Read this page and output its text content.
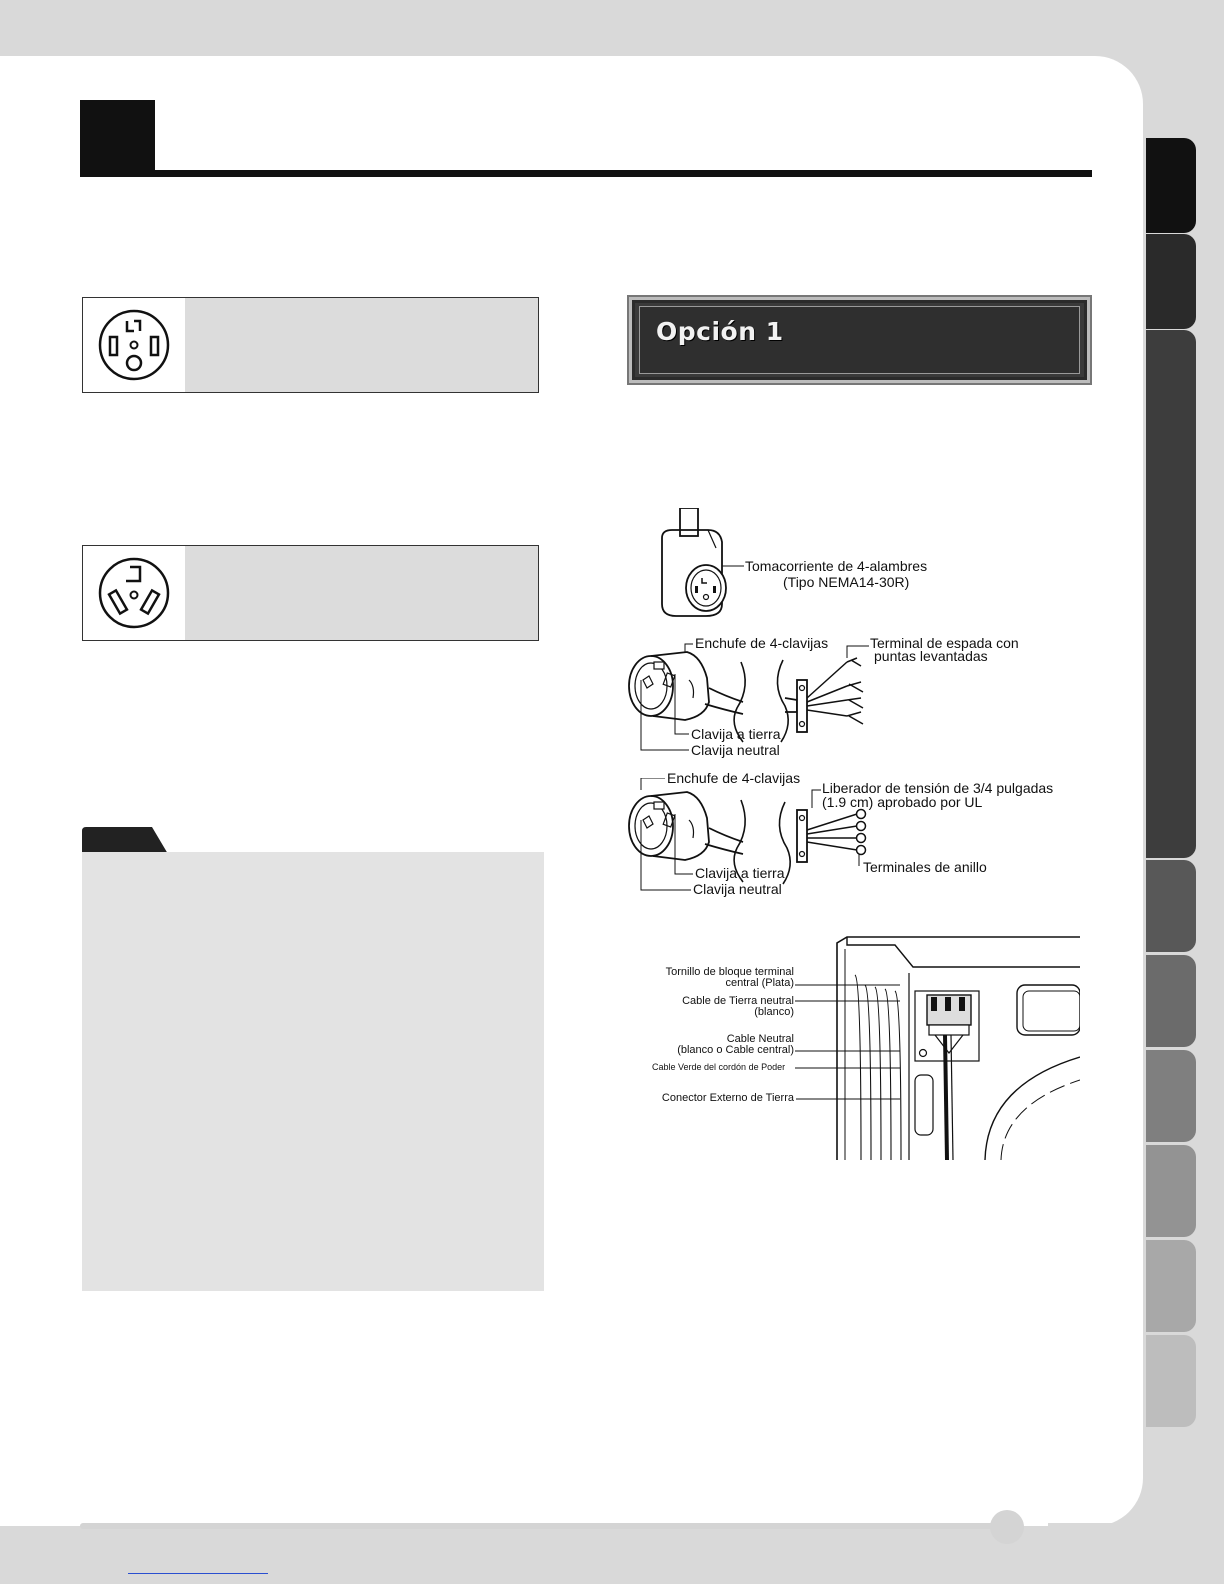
Opción 1
Tomacorriente de 4-alambres
(Tipo NEMA14-30R)
Enchufe de 4-clavijas	Terminal de espada con
puntas levantadas
Clavija a tierra
Clavija neutral
Enchufe de 4-clavijas
Liberador de tensión de 3/4 pulgadas
(1.9 cm) aprobado por UL
Clavija a tierra
Clavija neutral
Terminales de anillo
Tornillo de bloque terminal
central (Plata)
Cable de Tierra neutral
(blanco)
Cable Neutral
(blanco o Cable central)
Cable Verde del cordón de Poder
Conector Externo de Tierra
